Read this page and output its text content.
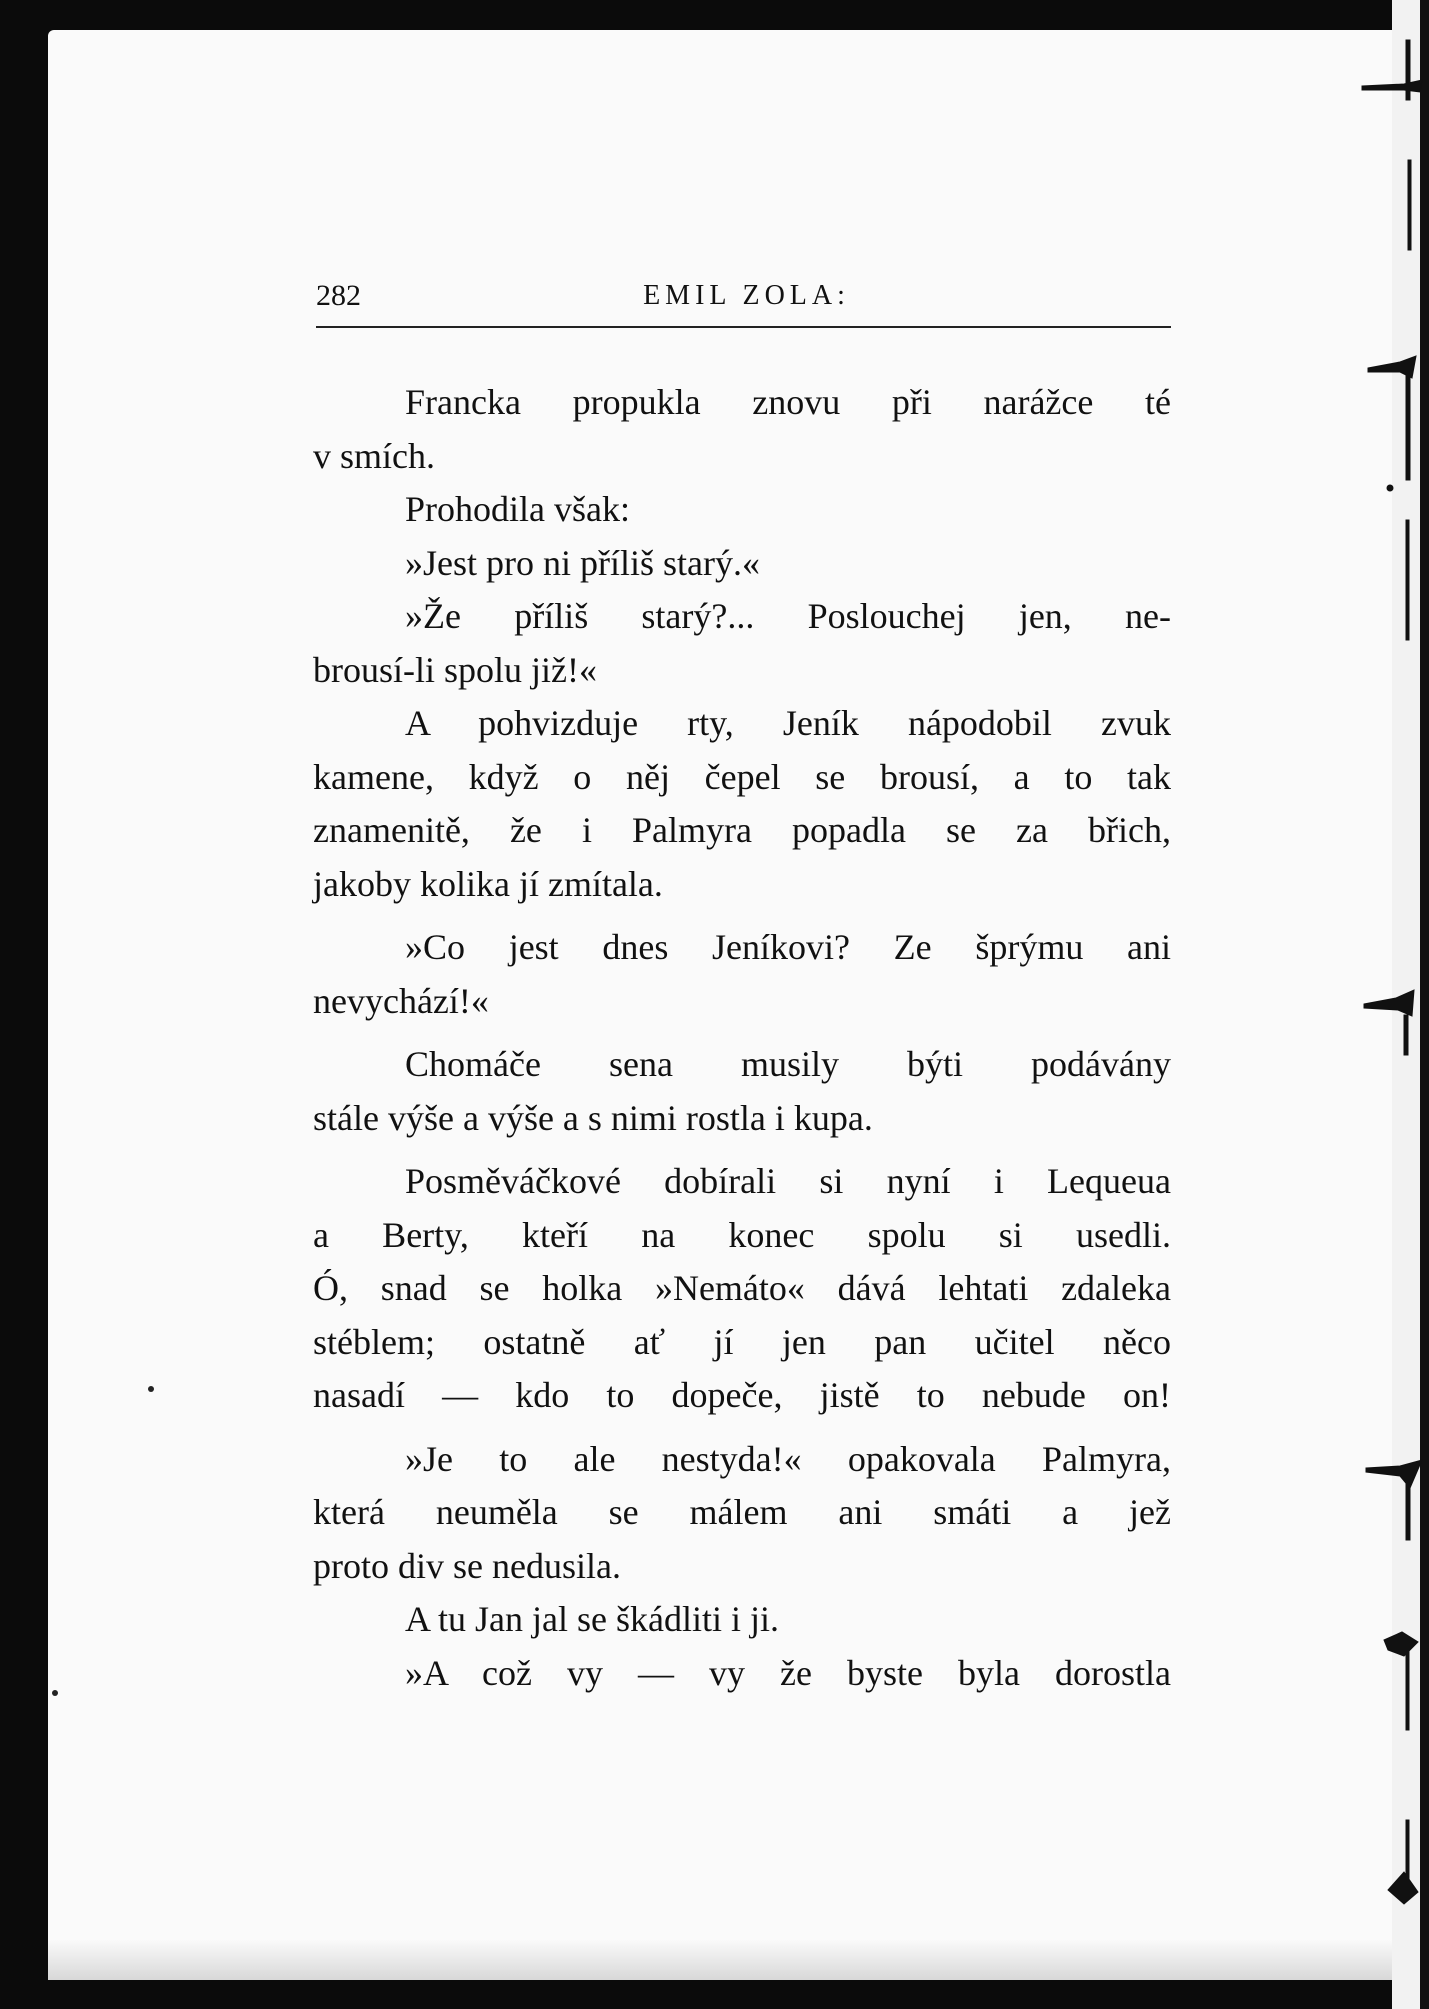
282	EMIL ZOLA:
Francka propukla znovu při narážce té
v smích.
Prohodila však:
»Jest pro ni příliš starý.«
»Že příliš starý?... Poslouchej jen, ne-
brousí-li spolu již!«
A pohvizduje rty, Jeník nápodobil zvuk
kamene, když o něj čepel se brousí, a to tak
znamenitě, že i Palmyra popadla se za břich,
jakoby kolika jí zmítala.
»Co jest dnes Jeníkovi? Ze šprýmu ani
nevychází!«
Chomáče sena musily býti podávány
stále výše a výše a s nimi rostla i kupa.
Posměváčkové dobírali si nyní i Lequeua
a Berty, kteří na konec spolu si usedli.
Ó, snad se holka »Nemáto« dává lehtati zdaleka
stéblem; ostatně ať jí jen pan učitel něco
nasadí — kdo to dopeče, jistě to nebude on!
»Je to ale nestyda!« opakovala Palmyra,
která neuměla se málem ani smáti a jež
proto div se nedusila.
A tu Jan jal se škádliti i ji.
»A což vy — vy že byste byla dorostla
